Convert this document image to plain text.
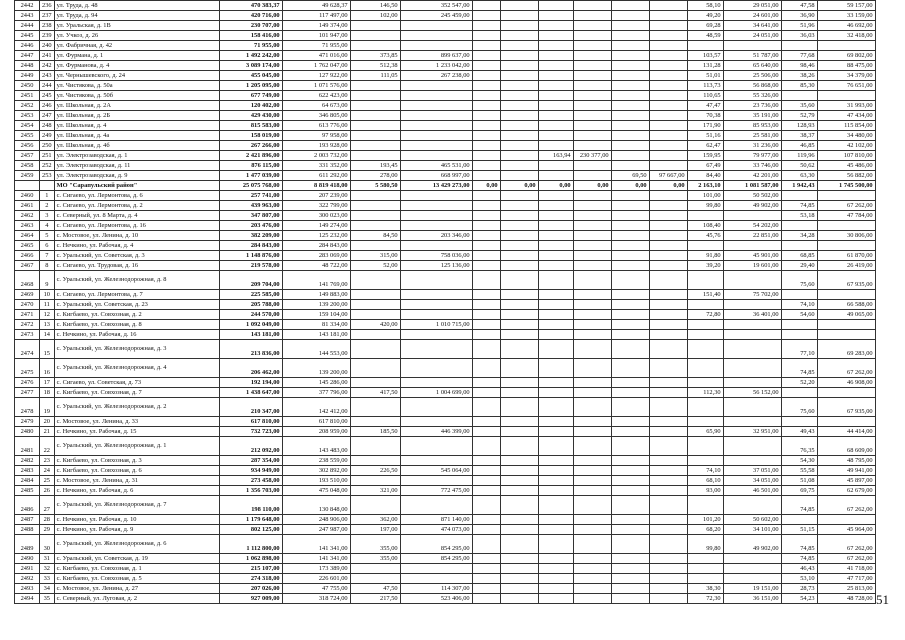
2442	236	ул. Труда, д. 48	470 383,37	49 628,37	146,50	352 547,00							58,10	29 051,00	47,58	59 157,00
2443	237	ул. Труда, д. 94	420 716,00	117 497,00	102,00	245 459,00							49,20	24 601,00	36,90	33 159,00
2444	238	ул. Уральская, д. 1В	230 707,00	149 374,00									69,28	34 641,00	51,96	46 692,00
2445	239	ул. Учкоз, д. 26	158 416,00	101 947,00									48,59	24 051,00	36,03	32 418,00
2446	240	ул. Фабричная, д. 42	71 955,00	71 955,00												
2447	241	ул. Фурмана, д. 1	1 492 242,00	471 016,00	373,85	899 637,00							103,57	51 787,00	77,68	69 802,00
2448	242	ул. Фурманова, д. 4	3 089 174,00	1 762 047,00	512,38	1 233 042,00							131,28	65 640,00	98,46	88 475,00
2449	243	ул. Чернышевского, д. 24	455 045,00	127 922,00	111,05	267 238,00							51,01	25 506,00	38,26	34 379,00
2450	244	ул. Чистякова, д. 50а	1 205 095,00	1 071 576,00									113,73	56 868,00	85,30	76 651,00
2451	245	ул. Чистякова, д. 50б	677 749,00	622 423,00									110,65	55 326,00		
2452	246	ул. Школьная, д. 2А	120 402,00	64 673,00									47,47	23 736,00	35,60	31 993,00
2453	247	ул. Школьная, д. 2Б	429 430,00	346 805,00									70,38	35 191,00	52,79	47 434,00
2454	248	ул. Школьная, д. 4	815 583,00	613 776,00									171,90	85 953,00	128,93	115 854,00
2455	249	ул. Школьная, д. 4а	158 019,00	97 958,00									51,16	25 581,00	38,37	34 480,00
2456	250	ул. Школьная, д. 4б	267 266,00	193 928,00									62,47	31 236,00	46,85	42 102,00
2457	251	ул. Электрозаводская, д. 1	2 421 896,00	2 003 732,00					163,94	230 377,00			159,95	79 977,00	119,96	107 810,00
2458	252	ул. Электрозаводская, д. 11	876 115,00	331 352,00	193,45	465 531,00							67,49	33 746,00	50,62	45 486,00
2459	253	ул. Электрозаводская, д. 9	1 477 039,00	611 292,00	278,00	668 997,00					69,50	97 667,00	84,40	42 201,00	63,30	56 882,00
		МО "Сарапульский район"	25 075 768,00	8 819 418,00	5 580,50	13 429 273,00	0,00	0,00	0,00	0,00	0,00	0,00	2 163,10	1 081 587,00	1 942,43	1 745 500,00
2460	1	с. Сигаево, ул. Лермонтова, д. 6	257 741,00	207 239,00									101,00	50 502,00		
2461	2	с. Сигаево, ул. Лермонтова, д. 2	439 963,00	322 799,00									99,80	49 902,00	74,85	67 262,00
2462	3	с. Северный, ул. 8 Марта, д. 4	347 807,00	300 023,00											53,18	47 784,00
2463	4	с. Сигаево, ул. Лермонтова, д. 16	203 476,00	149 274,00									108,40	54 202,00		
2464	5	с. Мостовое, ул. Ленина, д. 10	382 209,00	125 232,00	84,50	203 346,00							45,76	22 851,00	34,28	30 806,00
2465	6	с. Нечкино, ул. Рабочая, д. 4	284 843,00	284 843,00												
2466	7	с. Уральский, ул. Советская, д. 3	1 148 876,00	283 069,00	315,00	758 036,00							91,80	45 901,00	68,85	61 870,00
2467	8	с. Сигаево, ул. Трудовая, д. 16	219 578,00	48 722,00	52,00	125 136,00							39,20	19 601,00	29,40	26 419,00
2468	9	с. Уральский, ул. Железнодорожная, д. 8	209 704,00	141 769,00											75,60	67 935,00
2469	10	с. Сигаево, ул. Лермонтова, д. 7	225 585,00	149 883,00									151,40	75 702,00		
2470	11	с. Уральский, ул. Советская, д. 23	205 788,00	139 200,00											74,10	66 588,00
2471	12	с. Кигбаево, ул. Совхозная, д. 2	244 570,00	159 104,00									72,80	36 401,00	54,60	49 065,00
2472	13	с. Кигбаево, ул. Совхозная, д. 8	1 092 049,00	81 334,00	420,00	1 010 715,00										
2473	14	с. Нечкино, ул. Рабочая, д. 16	143 181,00	143 181,00												
2474	15	с. Уральский, ул. Железнодорожная, д. 3	213 836,00	144 553,00											77,10	69 283,00
2475	16	с. Уральский, ул. Железнодорожная, д. 4	206 462,00	139 200,00											74,85	67 262,00
2476	17	с. Сигаево, ул. Советская, д. 73	192 194,00	145 286,00											52,20	46 908,00
2477	18	с. Кигбаево, ул. Совхозная, д. 7	1 438 647,00	377 796,00	417,50	1 004 699,00							112,30	56 152,00		
2478	19	с. Уральский, ул. Железнодорожная, д. 2	210 347,00	142 412,00											75,60	67 935,00
2479	20	с. Мостовое, ул. Ленина, д. 33	617 810,00	617 810,00												
2480	21	с. Нечкино, ул. Рабочая, д. 15	732 723,00	208 959,00	185,50	446 399,00							65,90	32 951,00	49,43	44 414,00
2481	22	с. Уральский, ул. Железнодорожная, д. 1	212 092,00	143 483,00											76,35	68 609,00
2482	23	с. Кигбаево, ул. Совхозная, д. 3	287 354,00	238 559,00											54,30	48 795,00
2483	24	с. Кигбаево, ул. Совхозная, д. 6	934 949,00	302 892,00	226,50	545 064,00							74,10	37 051,00	55,58	49 941,00
2484	25	с. Мостовое, ул. Ленина, д. 31	273 458,00	193 510,00									68,10	34 051,00	51,08	45 897,00
2485	26	с. Нечкино, ул. Рабочая, д. 6	1 356 703,00	475 048,00	321,00	772 475,00							93,00	46 501,00	69,75	62 679,00
2486	27	с. Уральский, ул. Железнодорожная, д. 7	198 110,00	130 848,00											74,85	67 262,00
2487	28	с. Нечкино, ул. Рабочая, д. 10	1 179 648,00	248 906,00	362,00	871 140,00							101,20	50 602,00		
2488	29	с. Нечкино, ул. Рабочая, д. 9	802 125,00	247 987,00	197,00	474 073,00							68,20	34 101,00	51,15	45 964,00
2489	30	с. Уральский, ул. Железнодорожная, д. 6	1 112 800,00	141 341,00	355,00	854 295,00							99,80	49 902,00	74,85	67 262,00
2490	31	с. Уральский, ул. Советская, д. 19	1 062 898,00	141 341,00	355,00	854 295,00									74,85	67 262,00
2491	32	с. Кигбаево, ул. Совхозная, д. 1	215 107,00	173 389,00											46,43	41 718,00
2492	33	с. Кигбаево, ул. Совхозная, д. 5	274 318,00	226 601,00											53,10	47 717,00
2493	34	с. Мостовое, ул. Ленина, д. 27	207 026,00	47 755,00	47,50	114 307,00							38,30	19 151,00	28,73	25 813,00
2494	35	с. Северный, ул. Луговая, д. 2	927 009,00	318 724,00	217,50	523 406,00							72,30	36 151,00	54,23	48 728,00 51
